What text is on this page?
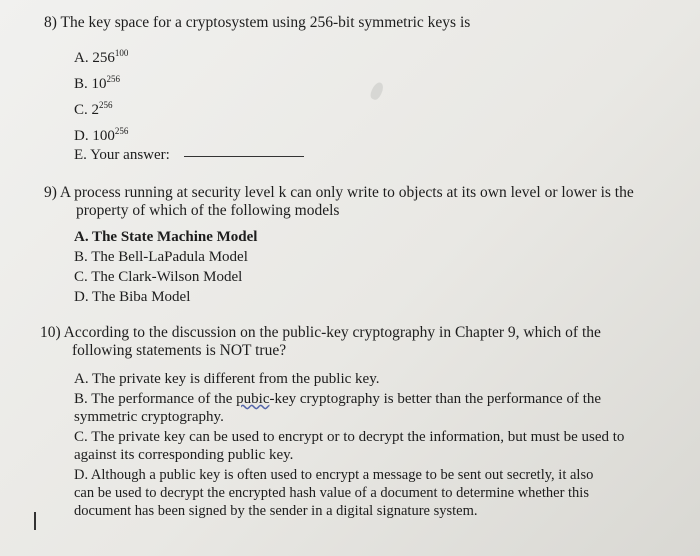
8) The key space for a cryptosystem using 256-bit symmetric keys is

A. $256^{100}$
B. $10^{256}$
C. $2^{256}$
D. $100^{256}$
E. Your answer:

9) A process running at security level k can only write to objects at its own level or lower is the
property of which of the following models

A. The State Machine Model
B. The Bell-LaPadula Model
C. The Clark-Wilson Model
D. The Biba Model

10) According to the discussion on the public-key cryptography in Chapter 9, which of the
following statements is NOT true?

A. The private key is different from the public key.
B. The performance of the pubic-key cryptography is better than the performance of the
symmetric cryptography.
C. The private key can be used to encrypt or to decrypt the information, but must be used to
against its corresponding public key.
D. Although a public key is often used to encrypt a message to be sent out secretly, it also
can be used to decrypt the encrypted hash value of a document to determine whether this
document has been signed by the sender in a digital signature system.
